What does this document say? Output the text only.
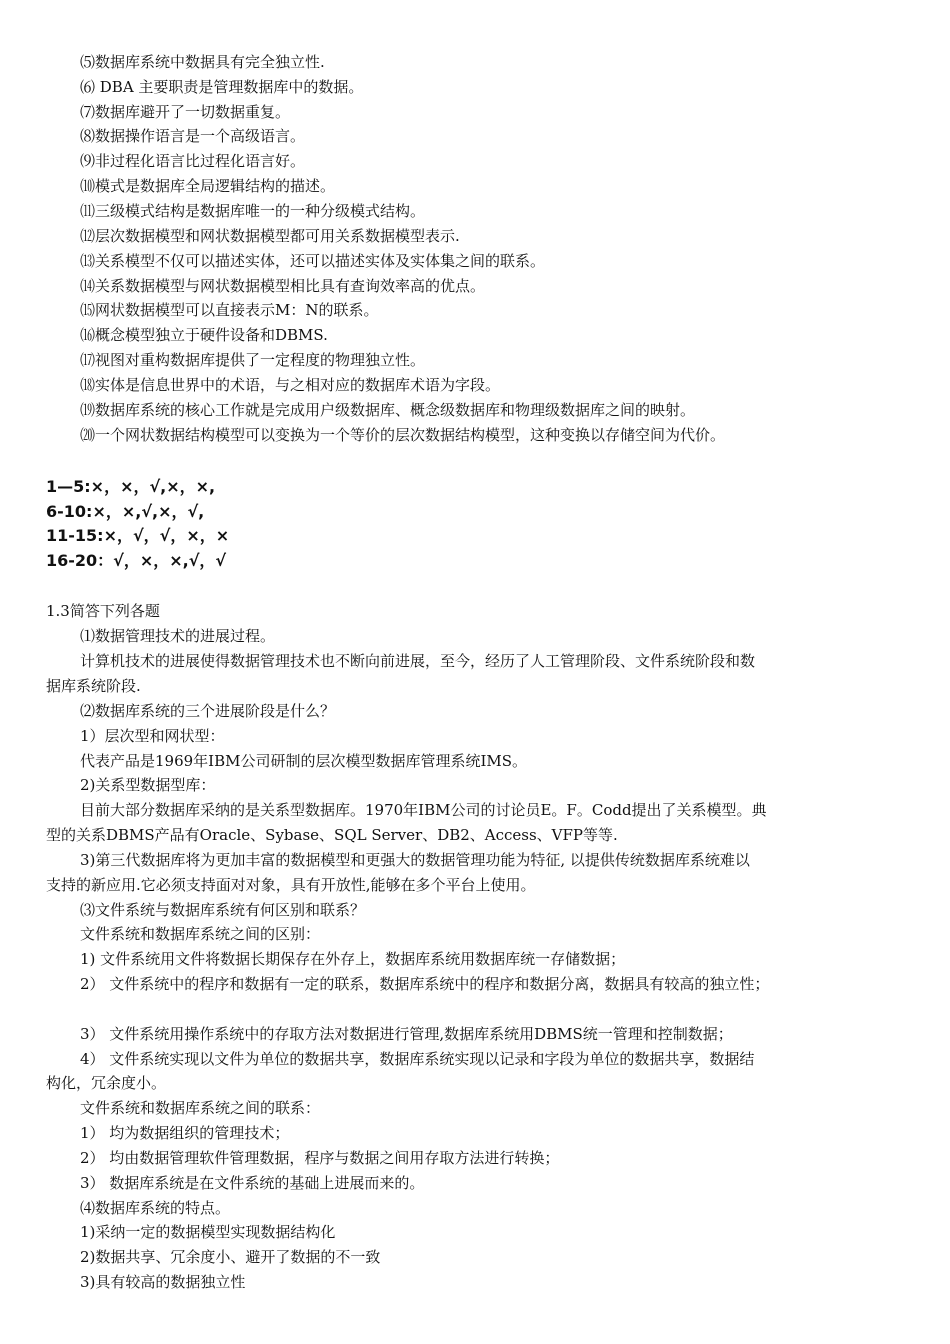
⑸数据库系统中数据具有完全独立性.
⑹ DBA 主要职责是管理数据库中的数据。
⑺数据库避开了一切数据重复。
⑻数据操作语言是一个高级语言。
⑼非过程化语言比过程化语言好。
⑽模式是数据库全局逻辑结构的描述。
⑾三级模式结构是数据库唯一的一种分级模式结构。
⑿层次数据模型和网状数据模型都可用关系数据模型表示.
⒀关系模型不仅可以描述实体，还可以描述实体及实体集之间的联系。
⒁关系数据模型与网状数据模型相比具有查询效率高的优点。
⒂网状数据模型可以直接表示M：N的联系。
⒃概念模型独立于硬件设备和DBMS.
⒄视图对重构数据库提供了一定程度的物理独立性。
⒅实体是信息世界中的术语，与之相对应的数据库术语为字段。
⒆数据库系统的核心工作就是完成用户级数据库、概念级数据库和物理级数据库之间的映射。
⒇一个网状数据结构模型可以变换为一个等价的层次数据结构模型，这种变换以存储空间为代价。
1—5:×，×，√,×，×,
6-10:×，×,√,×，√,
11-15:×，√，√，×，×
16-20：√，×，×,√，√
1.3简答下列各题
⑴数据管理技术的进展过程。
计算机技术的进展使得数据管理技术也不断向前进展，至今，经历了人工管理阶段、文件系统阶段和数
据库系统阶段.
⑵数据库系统的三个进展阶段是什么？
1）层次型和网状型：
代表产品是1969年IBM公司研制的层次模型数据库管理系统IMS。
2)关系型数据型库：
目前大部分数据库采纳的是关系型数据库。1970年IBM公司的讨论员E。F。Codd提出了关系模型。典
型的关系DBMS产品有Oracle、Sybase、SQL Server、DB2、Access、VFP等等.
3)第三代数据库将为更加丰富的数据模型和更强大的数据管理功能为特征, 以提供传统数据库系统难以
支持的新应用.它必须支持面对对象，具有开放性,能够在多个平台上使用。
⑶文件系统与数据库系统有何区别和联系？
文件系统和数据库系统之间的区别：
1) 文件系统用文件将数据长期保存在外存上，数据库系统用数据库统一存储数据；
2） 文件系统中的程序和数据有一定的联系，数据库系统中的程序和数据分离，数据具有较高的独立性；
3） 文件系统用操作系统中的存取方法对数据进行管理,数据库系统用DBMS统一管理和控制数据；
4） 文件系统实现以文件为单位的数据共享，数据库系统实现以记录和字段为单位的数据共享，数据结
构化，冗余度小。
文件系统和数据库系统之间的联系：
1） 均为数据组织的管理技术；
2） 均由数据管理软件管理数据，程序与数据之间用存取方法进行转换；
3） 数据库系统是在文件系统的基础上进展而来的。
⑷数据库系统的特点。
1)采纳一定的数据模型实现数据结构化
2)数据共享、冗余度小、避开了数据的不一致
3)具有较高的数据独立性
